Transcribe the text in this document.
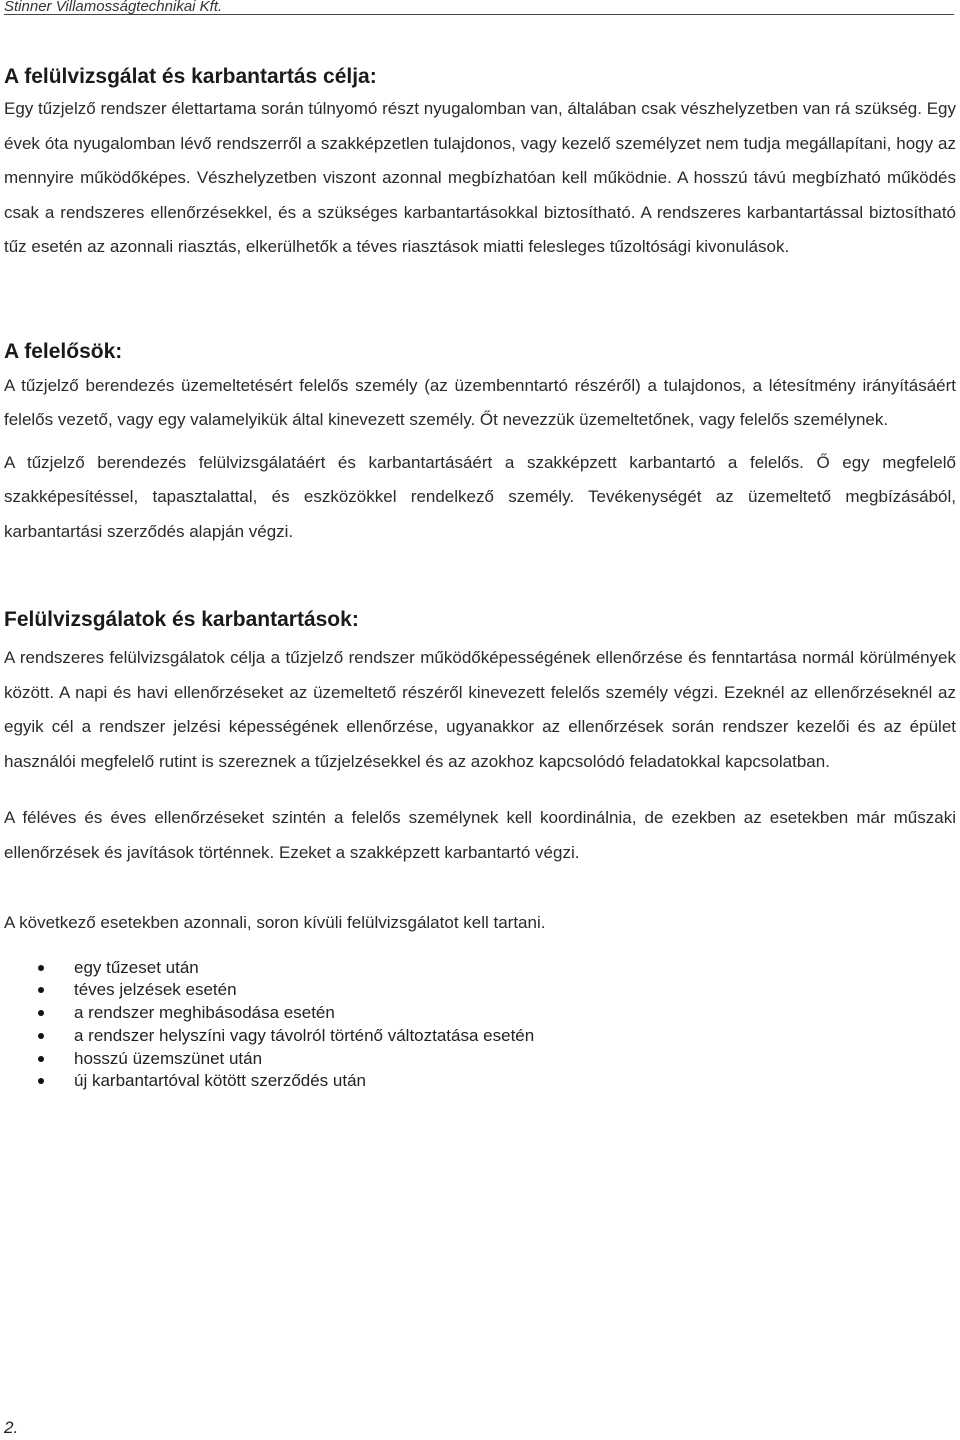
Stinner Villamosságtechnikai Kft.
A felülvizsgálat és karbantartás célja:

Egy tűzjelző rendszer élettartama során túlnyomó részt nyugalomban van, általában csak vészhelyzetben van rá szükség. Egy évek óta nyugalomban lévő rendszerről a szakképzetlen tulajdonos, vagy kezelő személyzet nem tudja megállapítani, hogy az mennyire működőképes. Vészhelyzetben viszont azonnal megbízhatóan kell működnie. A hosszú távú megbízható működés csak a rendszeres ellenőrzésekkel, és a szükséges karbantartásokkal biztosítható. A rendszeres karbantartással biztosítható tűz esetén az azonnali riasztás, elkerülhetők a téves riasztások miatti felesleges tűzoltósági kivonulások.

A felelősök:

A tűzjelző berendezés üzemeltetésért felelős személy (az üzembenntartó részéről) a tulajdonos, a létesítmény irányításáért felelős vezető, vagy egy valamelyikük által kinevezett személy. Őt nevezzük üzemeltetőnek, vagy felelős személynek.

A tűzjelző berendezés felülvizsgálatáért és karbantartásáért a szakképzett karbantartó a felelős. Ő egy megfelelő szakképesítéssel, tapasztalattal, és eszközökkel rendelkező személy. Tevékenységét az üzemeltető megbízásából, karbantartási szerződés alapján végzi.

Felülvizsgálatok és karbantartások:

A rendszeres felülvizsgálatok célja a tűzjelző rendszer működőképességének ellenőrzése és fenntartása normál körülmények között. A napi és havi ellenőrzéseket az üzemeltető részéről kinevezett felelős személy végzi. Ezeknél az ellenőrzéseknél az egyik cél a rendszer jelzési képességének ellenőrzése, ugyanakkor az ellenőrzések során rendszer kezelői és az épület használói megfelelő rutint is szereznek a tűzjelzésekkel és az azokhoz kapcsolódó feladatokkal kapcsolatban.

A féléves és éves ellenőrzéseket szintén a felelős személynek kell koordinálnia, de ezekben az esetekben már műszaki ellenőrzések és javítások történnek. Ezeket a szakképzett karbantartó végzi.

A következő esetekben azonnali, soron kívüli felülvizsgálatot kell tartani.

egy tűzeset után
téves jelzések esetén
a rendszer meghibásodása esetén
a rendszer helyszíni vagy távolról történő változtatása esetén
hosszú üzemszünet után
új karbantartóval kötött szerződés után
2.
